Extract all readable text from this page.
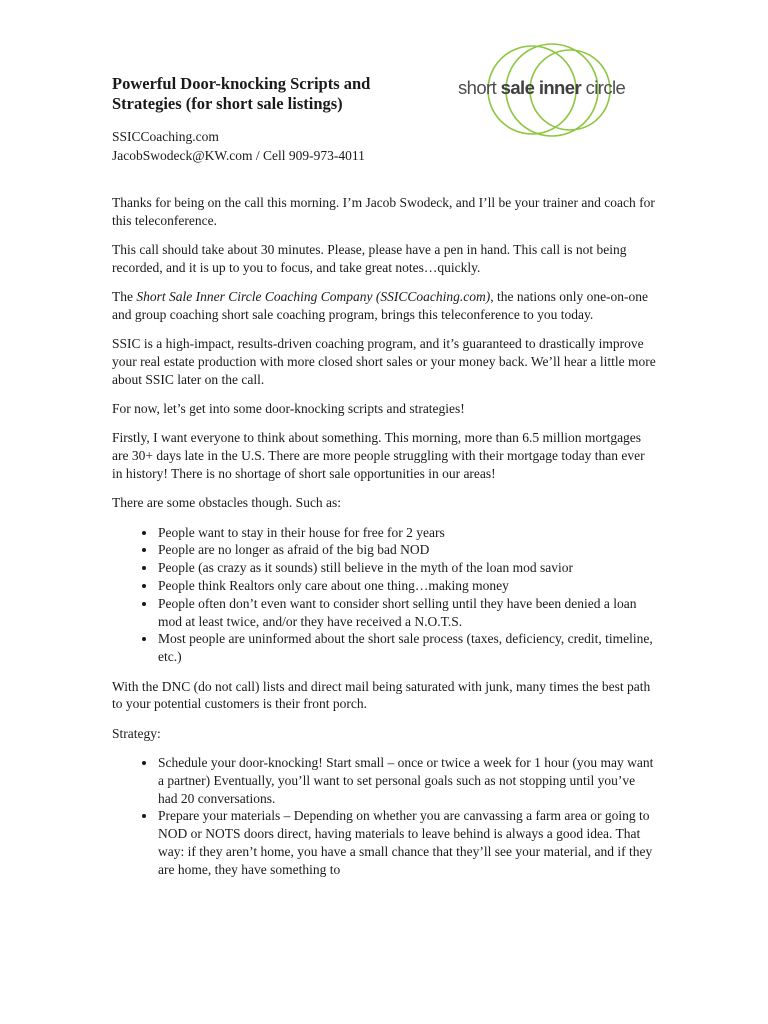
Powerful Door-knocking Scripts and Strategies (for short sale listings)
SSICCoaching.com
JacobSwodeck@KW.com / Cell 909-973-4011
short sale inner circle

Thanks for being on the call this morning. I’m Jacob Swodeck, and I’ll be your trainer and coach for this teleconference.

This call should take about 30 minutes. Please, please have a pen in hand. This call is not being recorded, and it is up to you to focus, and take great notes…quickly.

The Short Sale Inner Circle Coaching Company (SSICCoaching.com), the nations only one-on-one and group coaching short sale coaching program, brings this teleconference to you today.

SSIC is a high-impact, results-driven coaching program, and it’s guaranteed to drastically improve your real estate production with more closed short sales or your money back. We’ll hear a little more about SSIC later on the call.

For now, let’s get into some door-knocking scripts and strategies!

Firstly, I want everyone to think about something. This morning, more than 6.5 million mortgages are 30+ days late in the U.S. There are more people struggling with their mortgage today than ever in history! There is no shortage of short sale opportunities in our areas!

There are some obstacles though. Such as:

• People want to stay in their house for free for 2 years
• People are no longer as afraid of the big bad NOD
• People (as crazy as it sounds) still believe in the myth of the loan mod savior
• People think Realtors only care about one thing…making money
• People often don’t even want to consider short selling until they have been denied a loan mod at least twice, and/or they have received a N.O.T.S.
• Most people are uninformed about the short sale process (taxes, deficiency, credit, timeline, etc.)

With the DNC (do not call) lists and direct mail being saturated with junk, many times the best path to your potential customers is their front porch.

Strategy:

• Schedule your door-knocking! Start small – once or twice a week for 1 hour (you may want a partner) Eventually, you’ll want to set personal goals such as not stopping until you’ve had 20 conversations.
• Prepare your materials – Depending on whether you are canvassing a farm area or going to NOD or NOTS doors direct, having materials to leave behind is always a good idea. That way: if they aren’t home, you have a small chance that they’ll see your material, and if they are home, they have something to
